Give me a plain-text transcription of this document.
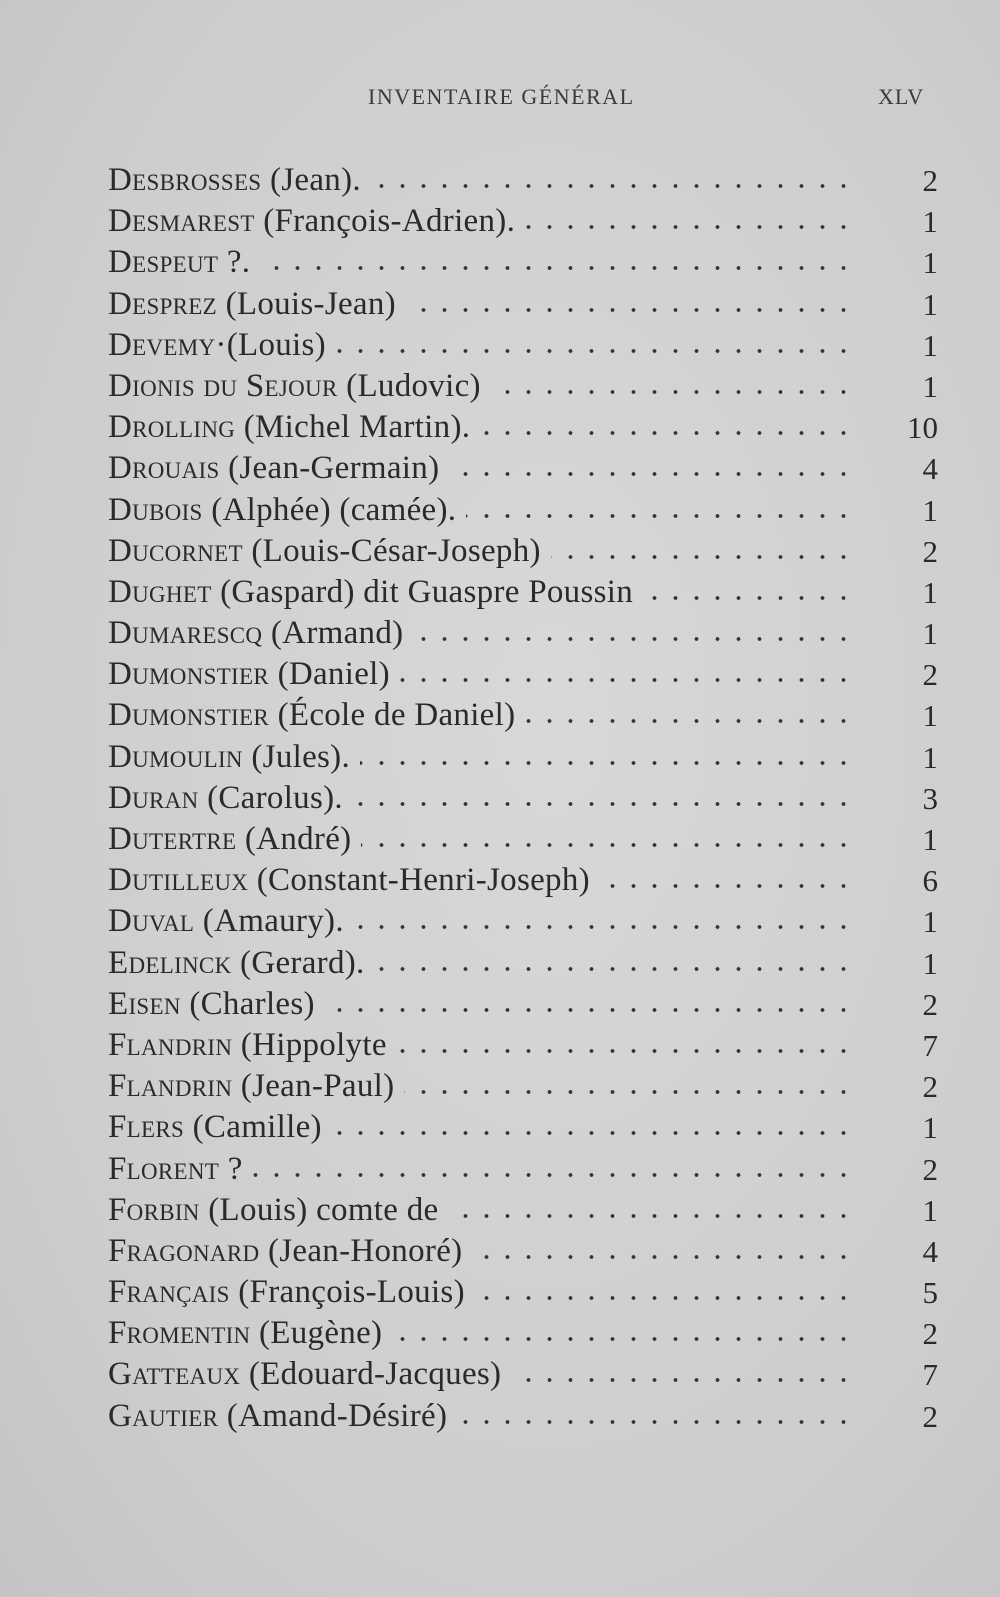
INVENTAIRE GÉNÉRAL	XLV
Desbrosses (Jean).	2
Desmarest (François-Adrien).	1
Despeut ?.	1
Desprez (Louis-Jean)	1
Devemy·(Louis)	1
Dionis du Sejour (Ludovic)	1
Drolling (Michel Martin).	10
Drouais (Jean-Germain)	4
Dubois (Alphée) (camée).	1
Ducornet (Louis-César-Joseph)	2
Dughet (Gaspard) dit Guaspre Poussin	1
Dumarescq (Armand)	1
Dumonstier (Daniel)	2
Dumonstier (École de Daniel)	1
Dumoulin (Jules).	1
Duran (Carolus).	3
Dutertre (André)	1
Dutilleux (Constant-Henri-Joseph)	6
Duval (Amaury).	1
Edelinck (Gerard).	1
Eisen (Charles)	2
Flandrin (Hippolyte	7
Flandrin (Jean-Paul)	2
Flers (Camille)	1
Florent ?	2
Forbin (Louis) comte de	1
Fragonard (Jean-Honoré)	4
Français (François-Louis)	5
Fromentin (Eugène)	2
Gatteaux (Edouard-Jacques)	7
Gautier (Amand-Désiré)	2
